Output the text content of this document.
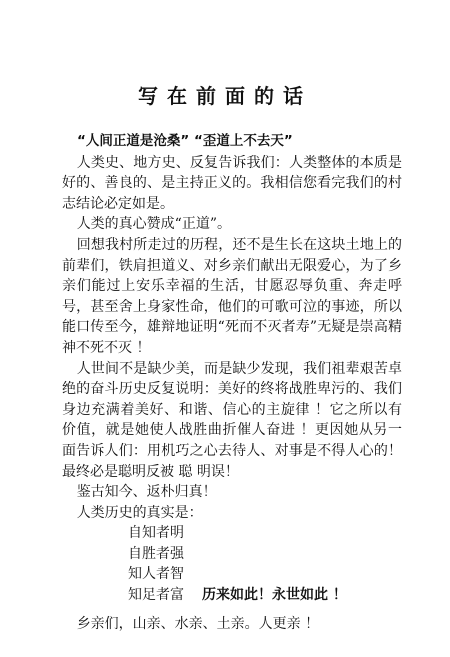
写在前面的话

“人间正道是沧桑” “歪道上不去天”

人类史、地方史、反复告诉我们：人类整体的本质是好的、善良的、是主持正义的。我相信您看完我们的村志结论必定如是。

人类的真心赞成“正道”。

回想我村所走过的历程，还不是生长在这块土地上的前辈们，铁肩担道义、对乡亲们献出无限爱心，为了乡亲们能过上安乐幸福的生活，甘愿忍辱负重、奔走呼号，甚至舍上身家性命，他们的可歌可泣的事迹，所以能口传至今，雄辩地证明“死而不灭者寿”无疑是崇高精神不死不灭 ！

人世间不是缺少美，而是缺少发现，我们祖辈艰苦卓绝的奋斗历史反复说明：美好的终将战胜卑污的、我们身边充满着美好、和谐、信心的主旋律 ！它之所以有价值，就是她使人战胜曲折催人奋进 ！更因她从另一面告诉人们：用机巧之心去待人、对事是不得人心的！ 最终必是聪明反被 聪 明误！

鉴古知今、返朴归真！

人类历史的真实是：

自知者明
自胜者强
知人者智
知足者富 历来如此！永世如此 ！

乡亲们，山亲、水亲、土亲。人更亲 ！
